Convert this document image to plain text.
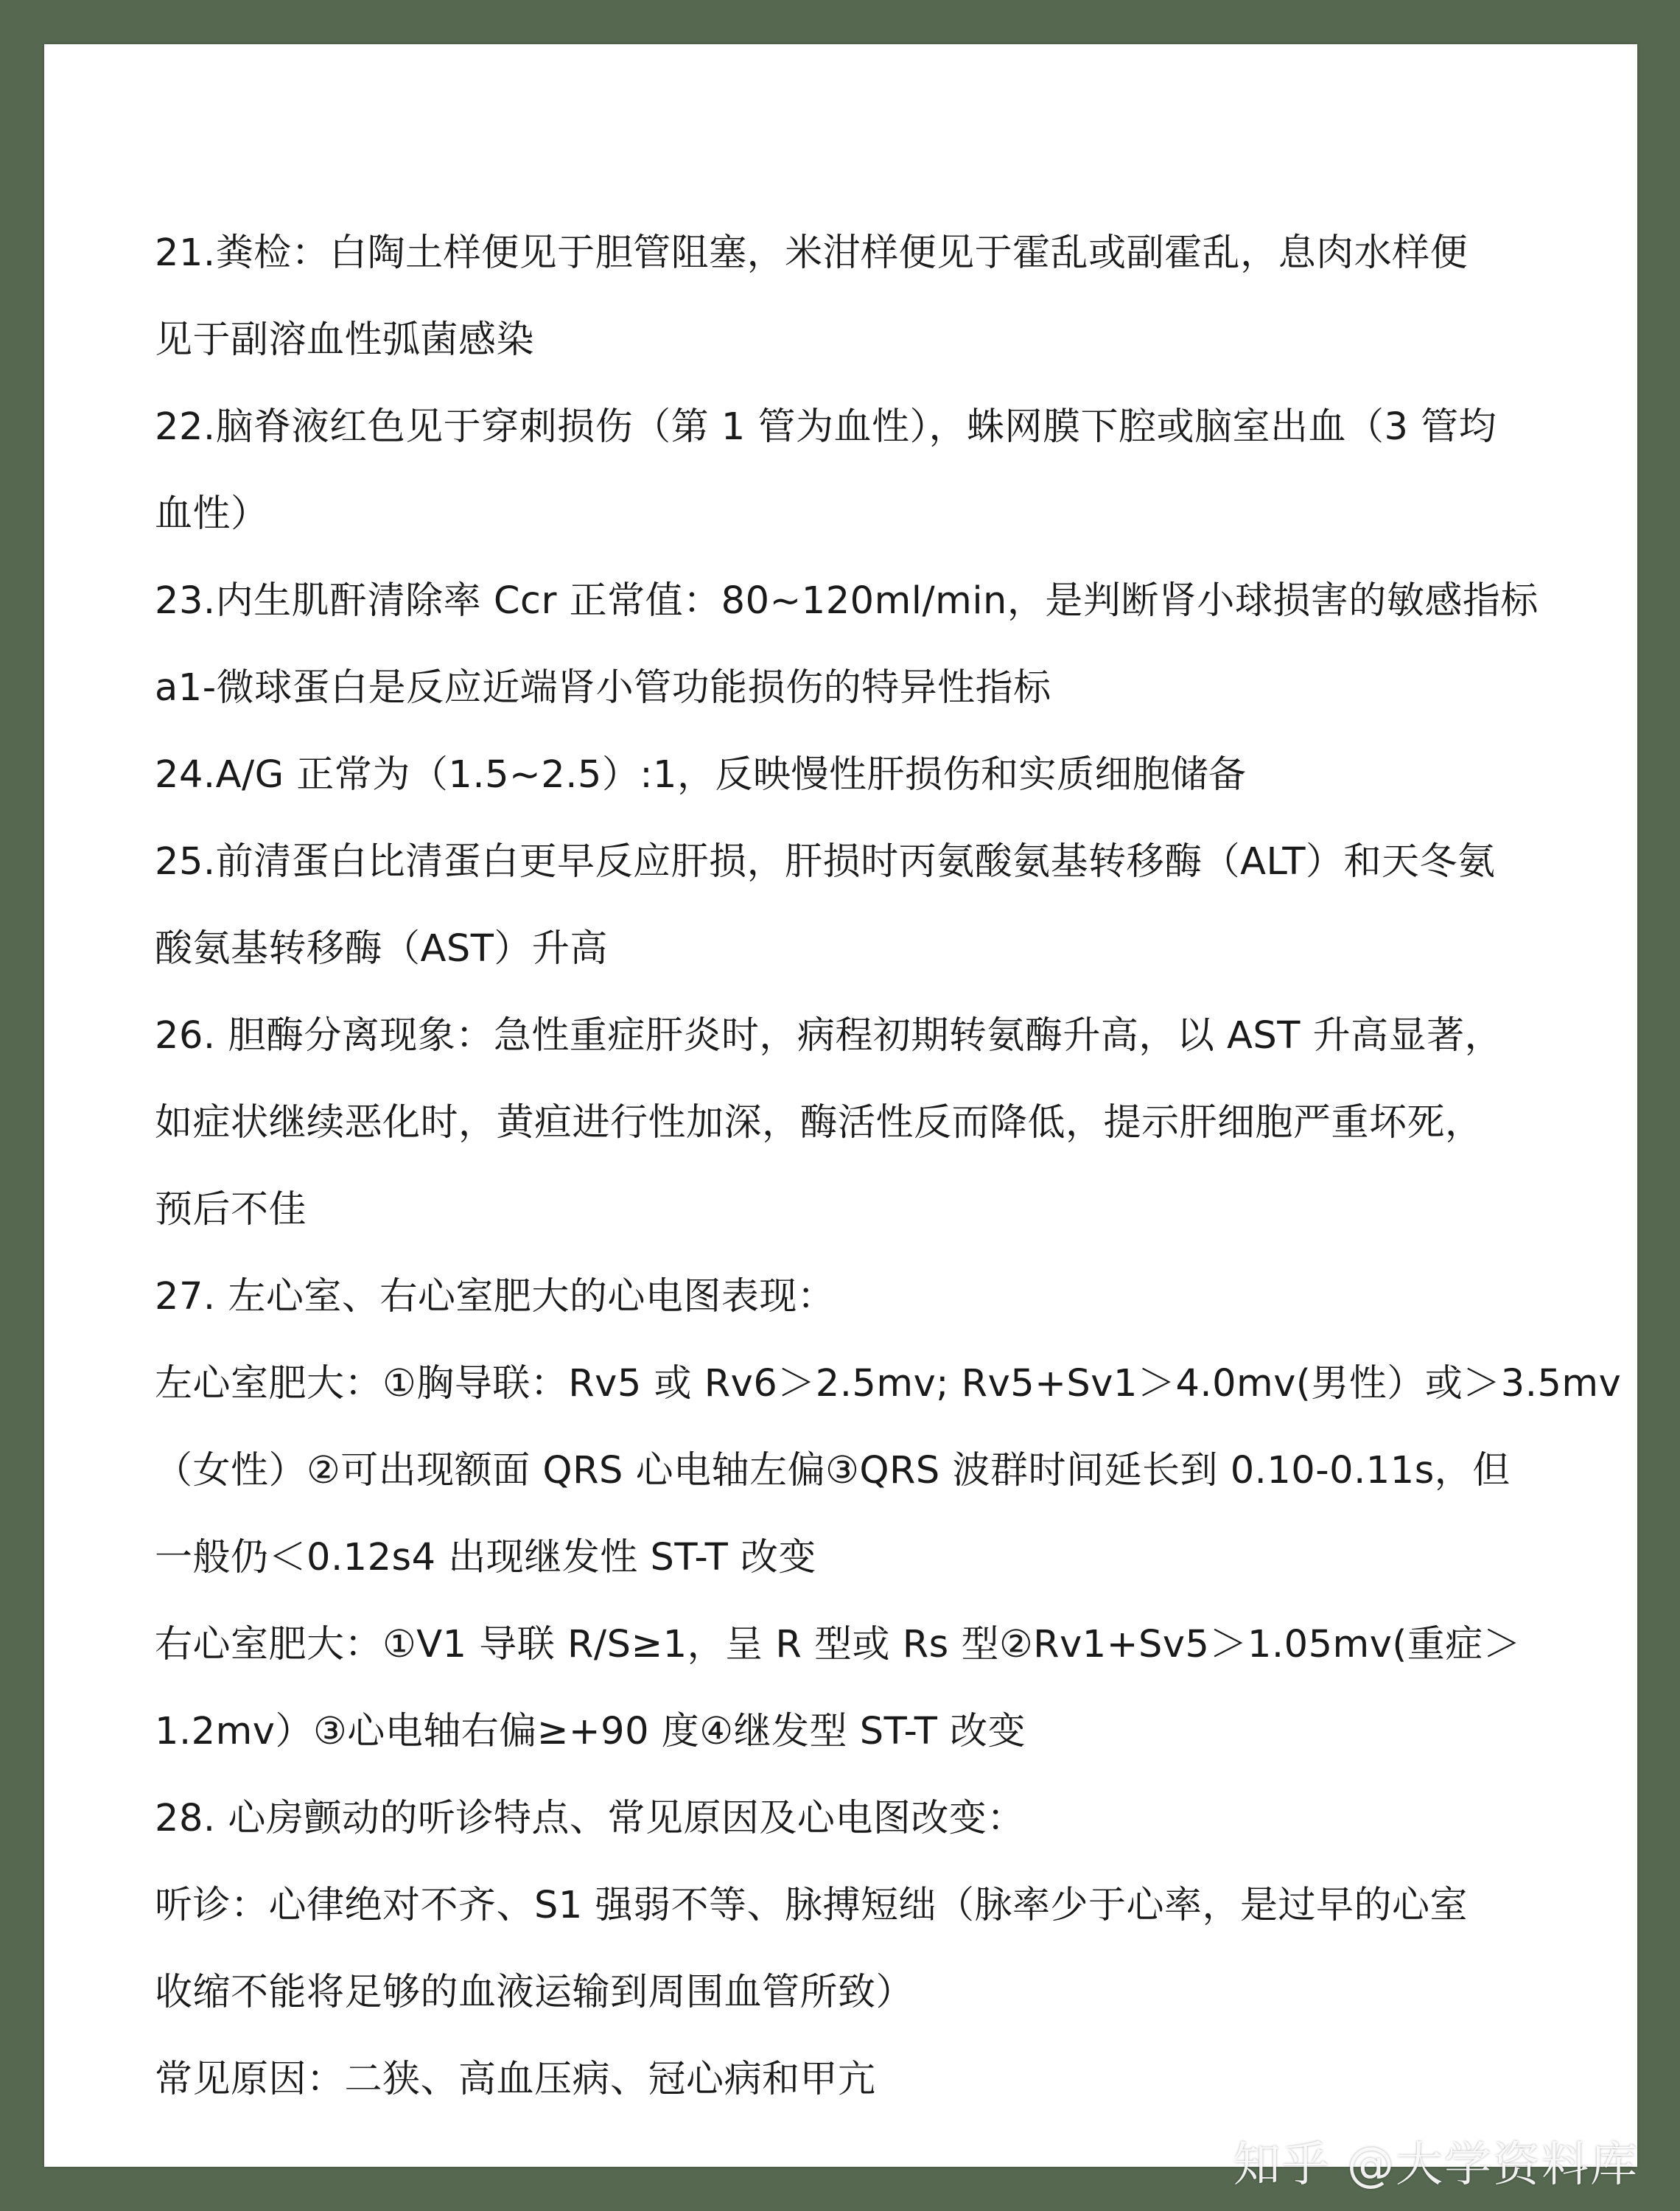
21.粪检：白陶土样便见于胆管阻塞，米泔样便见于霍乱或副霍乱，息肉水样便
见于副溶血性弧菌感染
22.脑脊液红色见于穿刺损伤（第 1 管为血性），蛛网膜下腔或脑室出血（3 管均
血性）
23.内生肌酐清除率 Ccr 正常值：80~120ml/min，是判断肾小球损害的敏感指标
a1-微球蛋白是反应近端肾小管功能损伤的特异性指标
24.A/G 正常为（1.5~2.5）:1，反映慢性肝损伤和实质细胞储备
25.前清蛋白比清蛋白更早反应肝损，肝损时丙氨酸氨基转移酶（ALT）和天冬氨
酸氨基转移酶（AST）升高
26. 胆酶分离现象：急性重症肝炎时，病程初期转氨酶升高，以 AST 升高显著，
如症状继续恶化时，黄疸进行性加深，酶活性反而降低，提示肝细胞严重坏死，
预后不佳
27. 左心室、右心室肥大的心电图表现：
左心室肥大：①胸导联：Rv5 或 Rv6＞2.5mv; Rv5+Sv1＞4.0mv(男性）或＞3.5mv
（女性）②可出现额面 QRS 心电轴左偏③QRS 波群时间延长到 0.10-0.11s，但
一般仍＜0.12s4 出现继发性 ST-T 改变
右心室肥大：①V1 导联 R/S≥1，呈 R 型或 Rs 型②Rv1+Sv5＞1.05mv(重症＞
1.2mv）③心电轴右偏≥+90 度④继发型 ST-T 改变
28. 心房颤动的听诊特点、常见原因及心电图改变：
听诊：心律绝对不齐、S1 强弱不等、脉搏短绌（脉率少于心率，是过早的心室
收缩不能将足够的血液运输到周围血管所致）
常见原因：二狭、高血压病、冠心病和甲亢
知乎 @大学资料库
